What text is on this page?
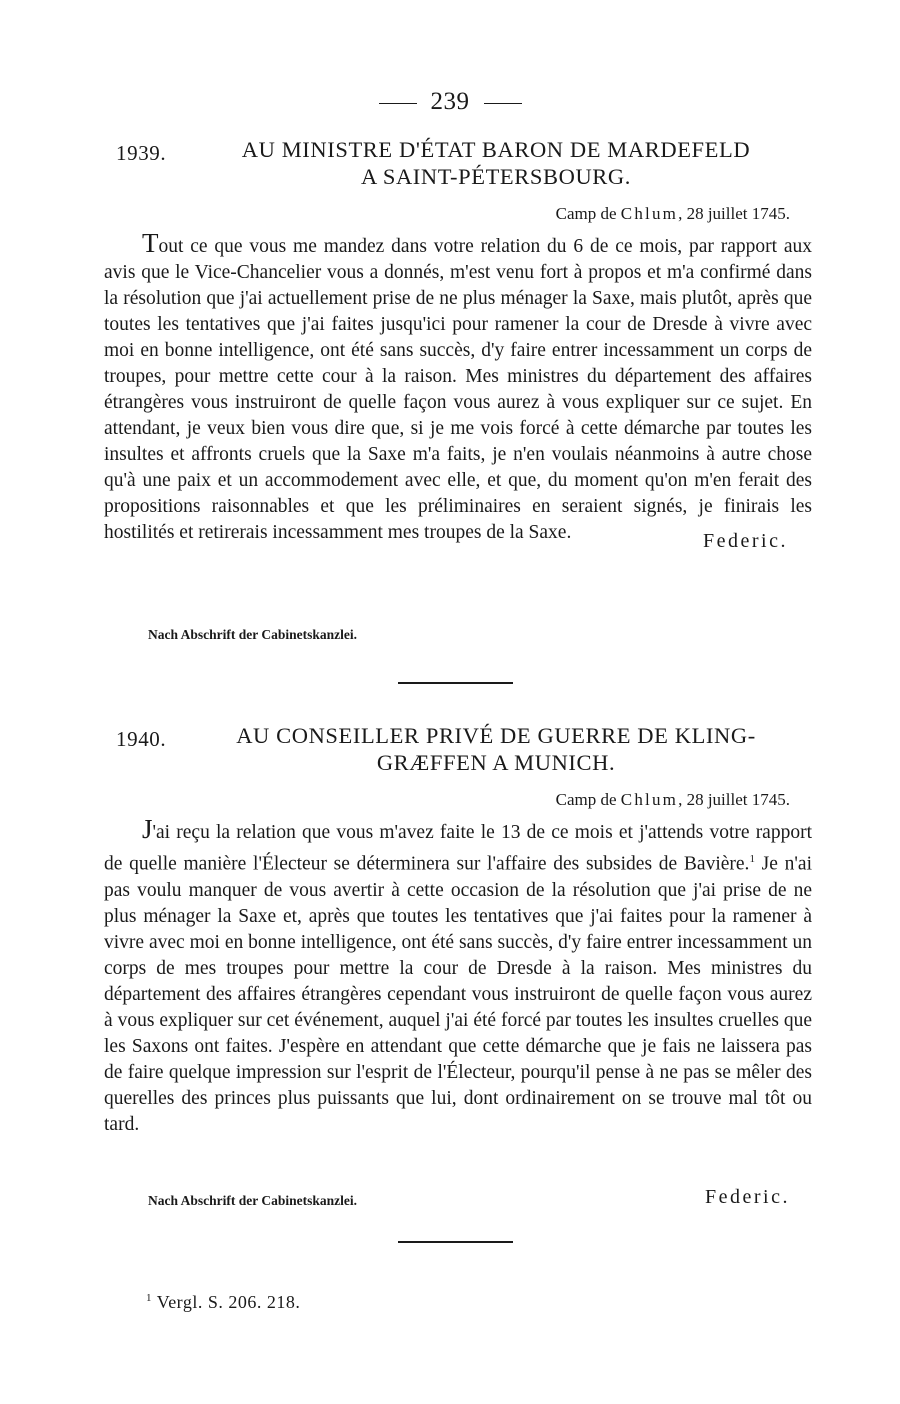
239
1939.	AU MINISTRE D'ÉTAT BARON DE MARDEFELD
A SAINT-PÉTERSBOURG.
Camp de Chlum, 28 juillet 1745.

Tout ce que vous me mandez dans votre relation du 6 de ce mois, par rapport aux avis que le Vice-Chancelier vous a donnés, m'est venu fort à propos et m'a confirmé dans la résolution que j'ai actuellement prise de ne plus ménager la Saxe, mais plutôt, après que toutes les tentatives que j'ai faites jusqu'ici pour ramener la cour de Dresde à vivre avec moi en bonne intelligence, ont été sans succès, d'y faire entrer incessamment un corps de troupes, pour mettre cette cour à la raison. Mes ministres du département des affaires étrangères vous instruiront de quelle façon vous aurez à vous expliquer sur ce sujet. En attendant, je veux bien vous dire que, si je me vois forcé à cette démarche par toutes les insultes et affronts cruels que la Saxe m'a faits, je n'en voulais néanmoins à autre chose qu'à une paix et un accommodement avec elle, et que, du moment qu'on m'en ferait des propositions raisonnables et que les préliminaires en seraient signés, je finirais les hostilités et retirerais incessamment mes troupes de la Saxe.	Federic.
Nach Abschrift der Cabinetskanzlei.
1940.	AU CONSEILLER PRIVÉ DE GUERRE DE KLING-
GRÆFFEN A MUNICH.
Camp de Chlum, 28 juillet 1745.

J'ai reçu la relation que vous m'avez faite le 13 de ce mois et j'attends votre rapport de quelle manière l'Électeur se déterminera sur l'affaire des subsides de Bavière.$^1$ Je n'ai pas voulu manquer de vous avertir à cette occasion de la résolution que j'ai prise de ne plus ménager la Saxe et, après que toutes les tentatives que j'ai faites pour la ramener à vivre avec moi en bonne intelligence, ont été sans succès, d'y faire entrer incessamment un corps de mes troupes pour mettre la cour de Dresde à la raison. Mes ministres du département des affaires étrangères cependant vous instruiront de quelle façon vous aurez à vous expliquer sur cet événement, auquel j'ai été forcé par toutes les insultes cruelles que les Saxons ont faites. J'espère en attendant que cette démarche que je fais ne laissera pas de faire quelque impression sur l'esprit de l'Électeur, pourqu'il pense à ne pas se mêler des querelles des princes plus puissants que lui, dont ordinairement on se trouve mal tôt ou tard.

Nach Abschrift der Cabinetskanzlei.	Federic.
$^1$ Vergl. S. 206. 218.
